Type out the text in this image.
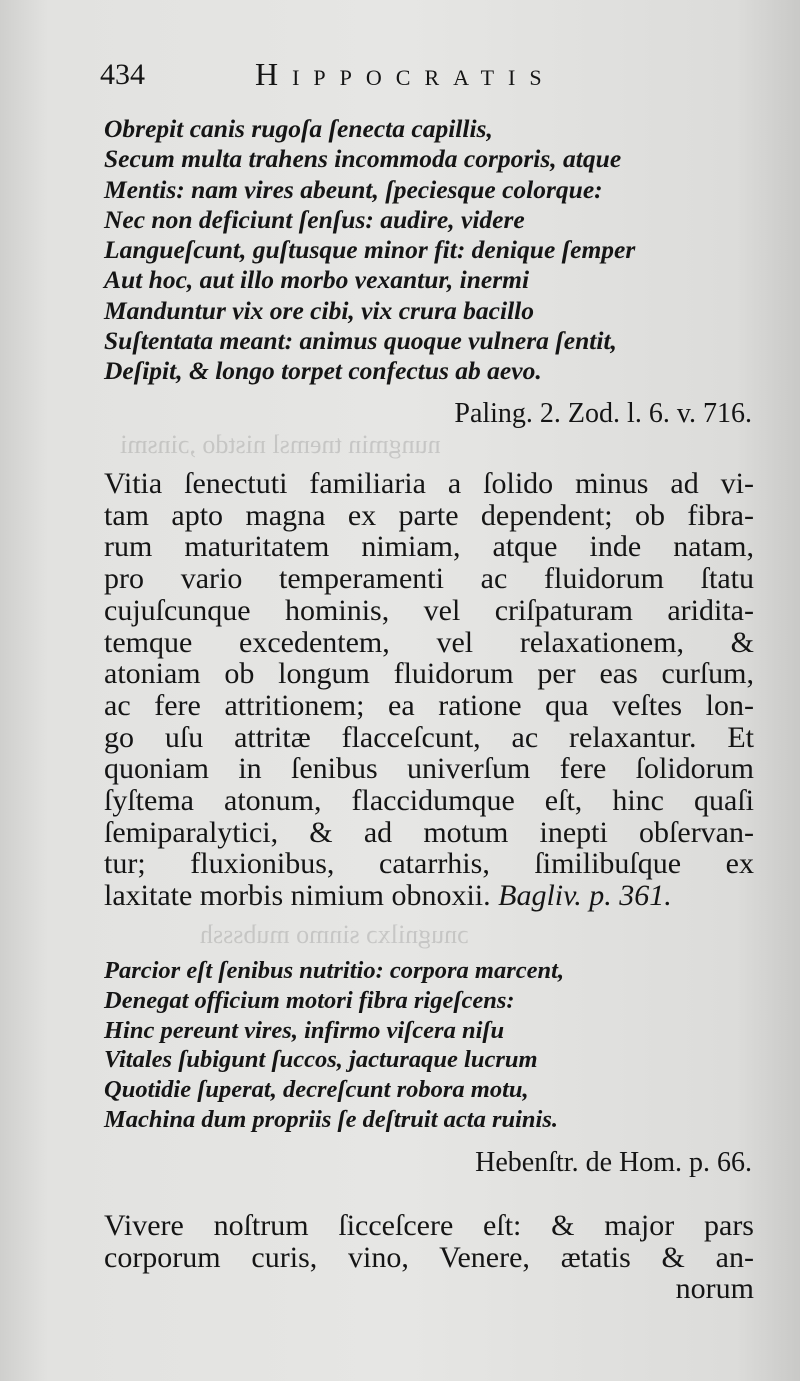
nungmin tnemsl nistdo ,ɔinsmi
ɔnugnilxɔ sinmo mubsssh
434	Hippocratis
Obrepit canis rugoſa ſenecta capillis,
Secum multa trahens incommoda corporis, atque
Mentis: nam vires abeunt, ſpeciesque colorque:
Nec non deficiunt ſenſus: audire, videre
Langueſcunt, guſtusque minor fit: denique ſemper
Aut hoc, aut illo morbo vexantur, inermi
Manduntur vix ore cibi, vix crura bacillo
Suſtentata meant: animus quoque vulnera ſentit,
Deſipit, & longo torpet confectus ab aevo.
Paling. 2. Zod. l. 6. v. 716.
Vitia ſenectuti familiaria a ſolido minus ad vi-
tam apto magna ex parte dependent; ob fibra-
rum maturitatem nimiam, atque inde natam,
pro vario temperamenti ac fluidorum ſtatu
cujuſcunque hominis, vel criſpaturam aridita-
temque excedentem, vel relaxationem, &
atoniam ob longum fluidorum per eas curſum,
ac fere attritionem; ea ratione qua veſtes lon-
go uſu attritæ flacceſcunt, ac relaxantur. Et
quoniam in ſenibus univerſum fere ſolidorum
ſyſtema atonum, flaccidumque eſt, hinc quaſi
ſemiparalytici, & ad motum inepti obſervan-
tur; fluxionibus, catarrhis, ſimilibuſque ex
laxitate morbis nimium obnoxii. Bagliv. p. 361.
Parcior eſt ſenibus nutritio: corpora marcent,
Denegat officium motori fibra rigeſcens:
Hinc pereunt vires, infirmo viſcera niſu
Vitales ſubigunt ſuccos, jacturaque lucrum
Quotidie ſuperat, decreſcunt robora motu,
Machina dum propriis ſe deſtruit acta ruinis.
Hebenſtr. de Hom. p. 66.
Vivere noſtrum ſicceſcere eſt: & major pars
corporum curis, vino, Venere, ætatis & an-
norum
